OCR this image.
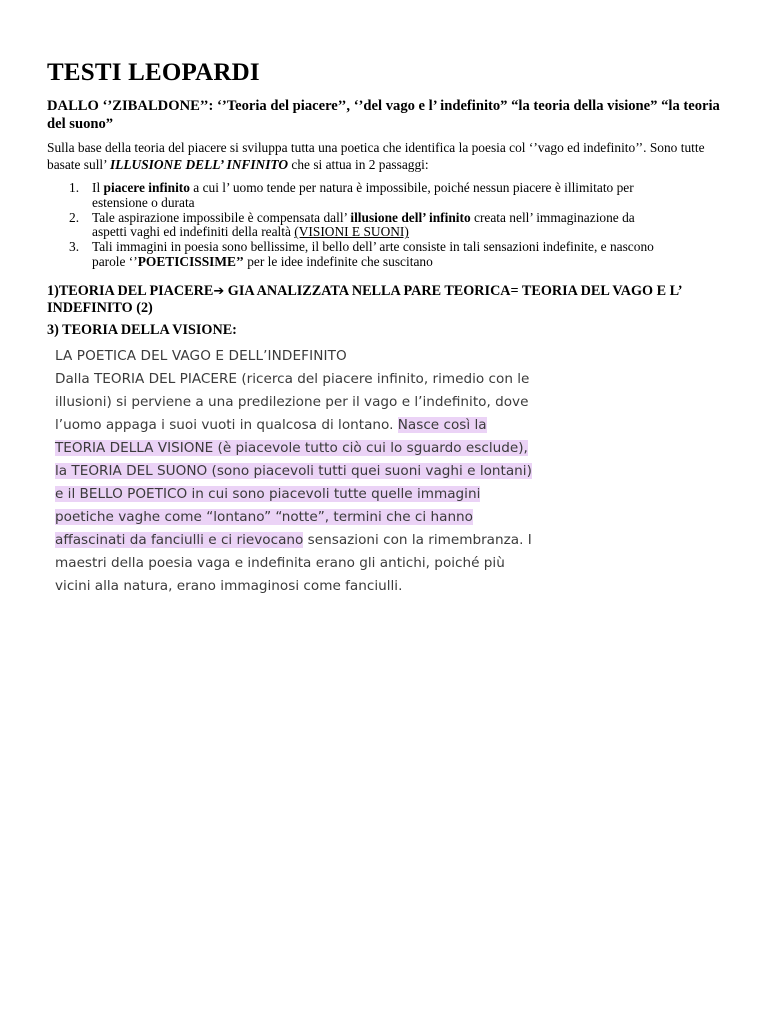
TESTI LEOPARDI

DALLO ‘’ZIBALDONE’’: ‘’Teoria del piacere’’, ‘’del vago e l’ indefinito” “la teoria della visione” “la teoria del suono”

Sulla base della teoria del piacere si sviluppa tutta una poetica che identifica la poesia col ‘’vago ed indefinito’’. Sono tutte basate sull’ ILLUSIONE DELL’ INFINITO che si attua in 2 passaggi:

1. Il piacere infinito a cui l’ uomo tende per natura è impossibile, poiché nessun piacere è illimitato per estensione o durata
2. Tale aspirazione impossibile è compensata dall’ illusione dell’ infinito creata nell’ immaginazione da aspetti vaghi ed indefiniti della realtà (VISIONI E SUONI)
3. Tali immagini in poesia sono bellissime, il bello dell’ arte consiste in tali sensazioni indefinite, e nascono parole ‘’POETICISSIME’’ per le idee indefinite che suscitano

1)TEORIA DEL PIACERE➔ GIA ANALIZZATA NELLA PARE TEORICA= TEORIA DEL VAGO E L’ INDEFINITO (2)

3) TEORIA DELLA VISIONE:

LA POETICA DEL VAGO E DELL’INDEFINITO
Dalla TEORIA DEL PIACERE (ricerca del piacere infinito, rimedio con le
illusioni) si perviene a una predilezione per il vago e l’indefinito, dove
l’uomo appaga i suoi vuoti in qualcosa di lontano. Nasce così la
TEORIA DELLA VISIONE (è piacevole tutto ciò cui lo sguardo esclude),
la TEORIA DEL SUONO (sono piacevoli tutti quei suoni vaghi e lontani)
e il BELLO POETICO in cui sono piacevoli tutte quelle immagini
poetiche vaghe come “lontano” “notte”, termini che ci hanno
affascinati da fanciulli e ci rievocano sensazioni con la rimembranza. I
maestri della poesia vaga e indefinita erano gli antichi, poiché più
vicini alla natura, erano immaginosi come fanciulli.
